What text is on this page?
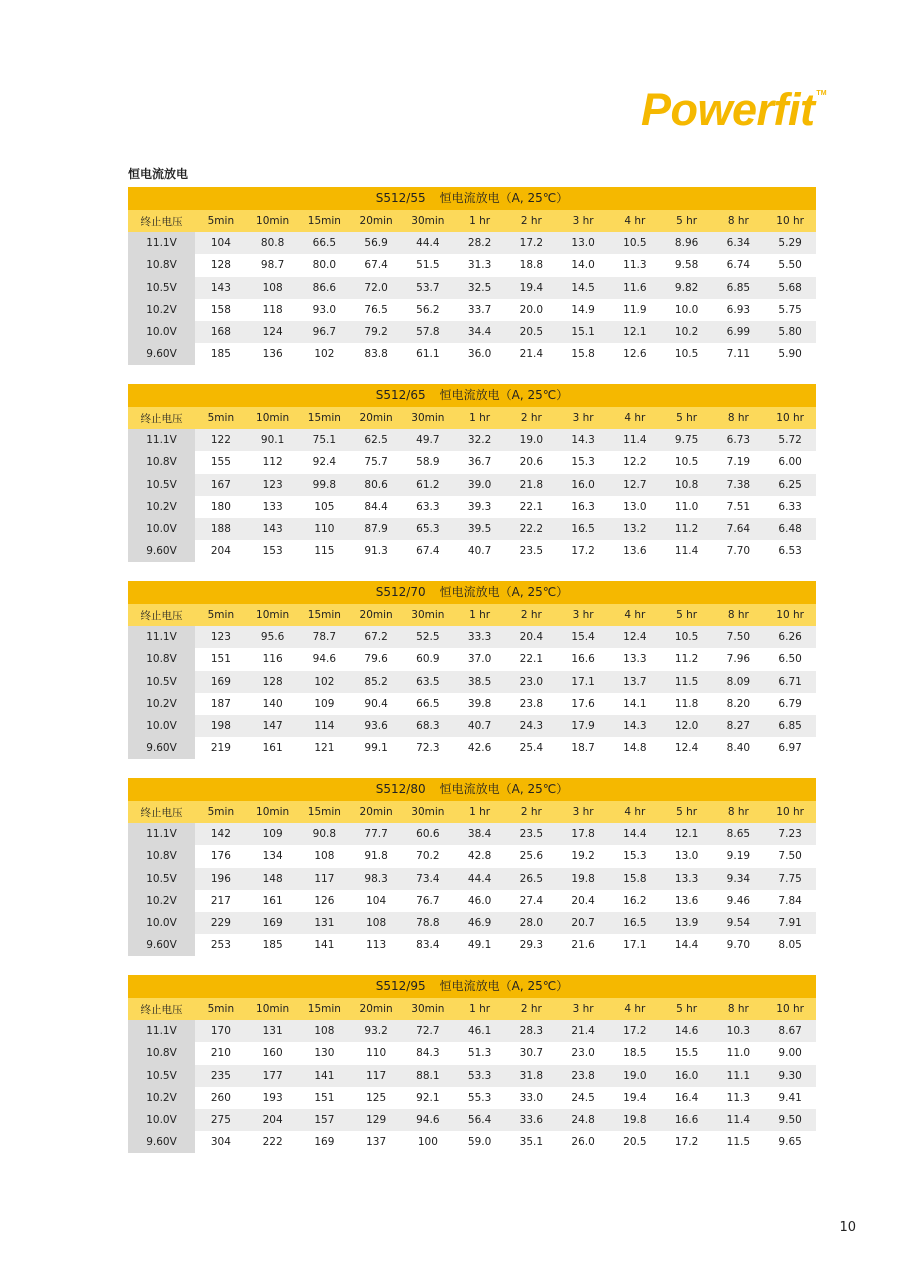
Powerfit TM
恒电流放电
S512/55 恒电流放电（A, 25℃）
终止电压	5min	10min	15min	20min	30min	1 hr	2 hr	3 hr	4 hr	5 hr	8 hr	10 hr
11.1V	104	80.8	66.5	56.9	44.4	28.2	17.2	13.0	10.5	8.96	6.34	5.29
10.8V	128	98.7	80.0	67.4	51.5	31.3	18.8	14.0	11.3	9.58	6.74	5.50
10.5V	143	108	86.6	72.0	53.7	32.5	19.4	14.5	11.6	9.82	6.85	5.68
10.2V	158	118	93.0	76.5	56.2	33.7	20.0	14.9	11.9	10.0	6.93	5.75
10.0V	168	124	96.7	79.2	57.8	34.4	20.5	15.1	12.1	10.2	6.99	5.80
9.60V	185	136	102	83.8	61.1	36.0	21.4	15.8	12.6	10.5	7.11	5.90
S512/65 恒电流放电（A, 25℃）
终止电压	5min	10min	15min	20min	30min	1 hr	2 hr	3 hr	4 hr	5 hr	8 hr	10 hr
11.1V	122	90.1	75.1	62.5	49.7	32.2	19.0	14.3	11.4	9.75	6.73	5.72
10.8V	155	112	92.4	75.7	58.9	36.7	20.6	15.3	12.2	10.5	7.19	6.00
10.5V	167	123	99.8	80.6	61.2	39.0	21.8	16.0	12.7	10.8	7.38	6.25
10.2V	180	133	105	84.4	63.3	39.3	22.1	16.3	13.0	11.0	7.51	6.33
10.0V	188	143	110	87.9	65.3	39.5	22.2	16.5	13.2	11.2	7.64	6.48
9.60V	204	153	115	91.3	67.4	40.7	23.5	17.2	13.6	11.4	7.70	6.53
S512/70 恒电流放电（A, 25℃）
终止电压	5min	10min	15min	20min	30min	1 hr	2 hr	3 hr	4 hr	5 hr	8 hr	10 hr
11.1V	123	95.6	78.7	67.2	52.5	33.3	20.4	15.4	12.4	10.5	7.50	6.26
10.8V	151	116	94.6	79.6	60.9	37.0	22.1	16.6	13.3	11.2	7.96	6.50
10.5V	169	128	102	85.2	63.5	38.5	23.0	17.1	13.7	11.5	8.09	6.71
10.2V	187	140	109	90.4	66.5	39.8	23.8	17.6	14.1	11.8	8.20	6.79
10.0V	198	147	114	93.6	68.3	40.7	24.3	17.9	14.3	12.0	8.27	6.85
9.60V	219	161	121	99.1	72.3	42.6	25.4	18.7	14.8	12.4	8.40	6.97
S512/80 恒电流放电（A, 25℃）
终止电压	5min	10min	15min	20min	30min	1 hr	2 hr	3 hr	4 hr	5 hr	8 hr	10 hr
11.1V	142	109	90.8	77.7	60.6	38.4	23.5	17.8	14.4	12.1	8.65	7.23
10.8V	176	134	108	91.8	70.2	42.8	25.6	19.2	15.3	13.0	9.19	7.50
10.5V	196	148	117	98.3	73.4	44.4	26.5	19.8	15.8	13.3	9.34	7.75
10.2V	217	161	126	104	76.7	46.0	27.4	20.4	16.2	13.6	9.46	7.84
10.0V	229	169	131	108	78.8	46.9	28.0	20.7	16.5	13.9	9.54	7.91
9.60V	253	185	141	113	83.4	49.1	29.3	21.6	17.1	14.4	9.70	8.05
S512/95 恒电流放电（A, 25℃）
终止电压	5min	10min	15min	20min	30min	1 hr	2 hr	3 hr	4 hr	5 hr	8 hr	10 hr
11.1V	170	131	108	93.2	72.7	46.1	28.3	21.4	17.2	14.6	10.3	8.67
10.8V	210	160	130	110	84.3	51.3	30.7	23.0	18.5	15.5	11.0	9.00
10.5V	235	177	141	117	88.1	53.3	31.8	23.8	19.0	16.0	11.1	9.30
10.2V	260	193	151	125	92.1	55.3	33.0	24.5	19.4	16.4	11.3	9.41
10.0V	275	204	157	129	94.6	56.4	33.6	24.8	19.8	16.6	11.4	9.50
9.60V	304	222	169	137	100	59.0	35.1	26.0	20.5	17.2	11.5	9.65
10
